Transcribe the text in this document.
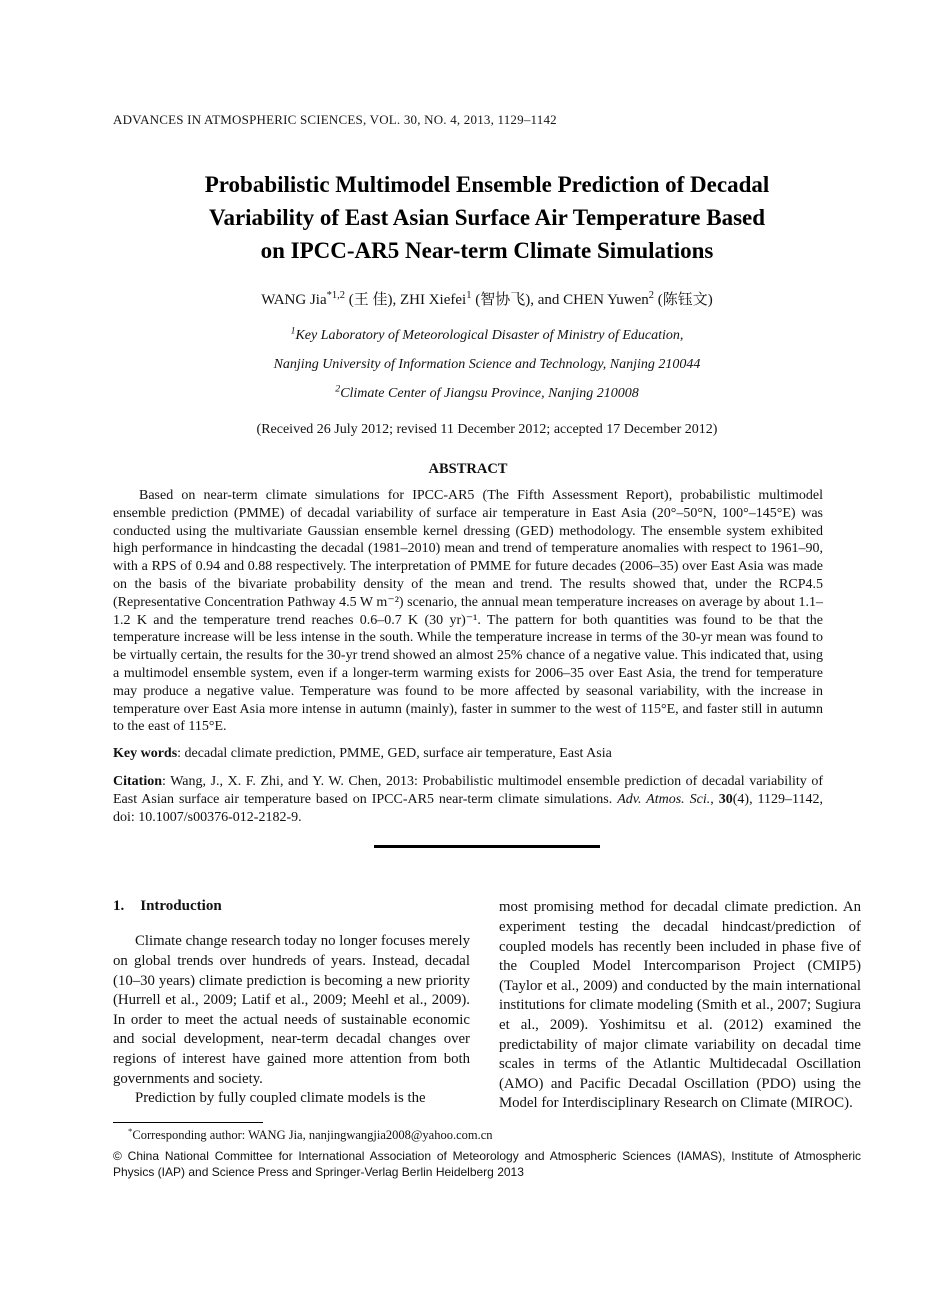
ADVANCES IN ATMOSPHERIC SCIENCES, VOL. 30, NO. 4, 2013, 1129–1142
Probabilistic Multimodel Ensemble Prediction of Decadal
Variability of East Asian Surface Air Temperature Based
on IPCC-AR5 Near-term Climate Simulations
WANG Jia$^{*1,2}$ (王 佳), ZHI Xiefei$^1$ (智协飞), and CHEN Yuwen$^2$ (陈钰文)
$^1$Key Laboratory of Meteorological Disaster of Ministry of Education,
Nanjing University of Information Science and Technology, Nanjing 210044
$^2$Climate Center of Jiangsu Province, Nanjing 210008
(Received 26 July 2012; revised 11 December 2012; accepted 17 December 2012)
ABSTRACT

Based on near-term climate simulations for IPCC-AR5 (The Fifth Assessment Report), probabilistic multimodel ensemble prediction (PMME) of decadal variability of surface air temperature in East Asia (20°–50°N, 100°–145°E) was conducted using the multivariate Gaussian ensemble kernel dressing (GED) methodology. The ensemble system exhibited high performance in hindcasting the decadal (1981–2010) mean and trend of temperature anomalies with respect to 1961–90, with a RPS of 0.94 and 0.88 respectively. The interpretation of PMME for future decades (2006–35) over East Asia was made on the basis of the bivariate probability density of the mean and trend. The results showed that, under the RCP4.5 (Representative Concentration Pathway 4.5 W m⁻²) scenario, the annual mean temperature increases on average by about 1.1–1.2 K and the temperature trend reaches 0.6–0.7 K (30 yr)⁻¹. The pattern for both quantities was found to be that the temperature increase will be less intense in the south. While the temperature increase in terms of the 30-yr mean was found to be virtually certain, the results for the 30-yr trend showed an almost 25% chance of a negative value. This indicated that, using a multimodel ensemble system, even if a longer-term warming exists for 2006–35 over East Asia, the trend for temperature may produce a negative value. Temperature was found to be more affected by seasonal variability, with the increase in temperature over East Asia more intense in autumn (mainly), faster in summer to the west of 115°E, and faster still in autumn to the east of 115°E.

Key words: decadal climate prediction, PMME, GED, surface air temperature, East Asia

Citation: Wang, J., X. F. Zhi, and Y. W. Chen, 2013: Probabilistic multimodel ensemble prediction of decadal variability of East Asian surface air temperature based on IPCC-AR5 near-term climate simulations. Adv. Atmos. Sci., 30(4), 1129–1142, doi: 10.1007/s00376-012-2182-9.

1. Introduction

Climate change research today no longer focuses merely on global trends over hundreds of years. Instead, decadal (10–30 years) climate prediction is becoming a new priority (Hurrell et al., 2009; Latif et al., 2009; Meehl et al., 2009). In order to meet the actual needs of sustainable economic and social development, near-term decadal changes over regions of interest have gained more attention from both governments and society.

Prediction by fully coupled climate models is the

most promising method for decadal climate prediction. An experiment testing the decadal hindcast/prediction of coupled models has recently been included in phase five of the Coupled Model Intercomparison Project (CMIP5) (Taylor et al., 2009) and conducted by the main international institutions for climate modeling (Smith et al., 2007; Sugiura et al., 2009). Yoshimitsu et al. (2012) examined the predictability of major climate variability on decadal time scales in terms of the Atlantic Multidecadal Oscillation (AMO) and Pacific Decadal Oscillation (PDO) using the Model for Interdisciplinary Research on Climate (MIROC).

*Corresponding author: WANG Jia, nanjingwangjia2008@yahoo.com.cn
© China National Committee for International Association of Meteorology and Atmospheric Sciences (IAMAS), Institute of Atmospheric Physics (IAP) and Science Press and Springer-Verlag Berlin Heidelberg 2013
